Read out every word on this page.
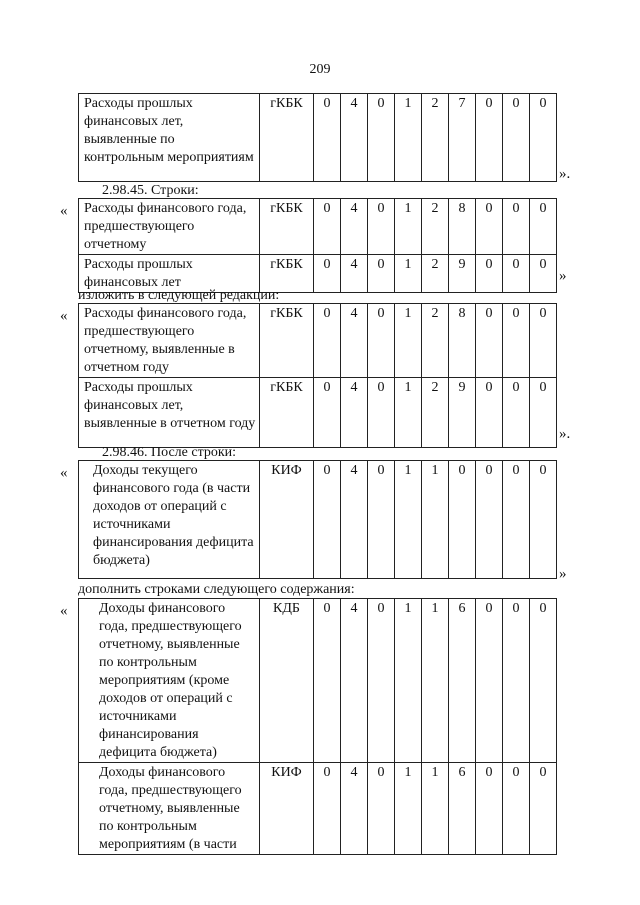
209
Расходы прошлых финансовых лет, выявленные по контрольным мероприятиям	гКБК	0	4	0	1	2	7	0	0	0
».
2.98.45. Строки:
« Расходы финансового года, предшествующего отчетному	гКБК	0	4	0	1	2	8	0	0	0
Расходы прошлых финансовых лет	гКБК	0	4	0	1	2	9	0	0	0
»
изложить в следующей редакции:
« Расходы финансового года, предшествующего отчетному, выявленные в отчетном году	гКБК	0	4	0	1	2	8	0	0	0
Расходы прошлых финансовых лет, выявленные в отчетном году	гКБК	0	4	0	1	2	9	0	0	0
».
2.98.46. После строки:
« Доходы текущего финансового года (в части доходов от операций с источниками финансирования дефицита бюджета)	КИФ	0	4	0	1	1	0	0	0	0
»
дополнить строками следующего содержания:
« Доходы финансового года, предшествующего отчетному, выявленные по контрольным мероприятиям (кроме доходов от операций с источниками финансирования дефицита бюджета)	КДБ	0	4	0	1	1	6	0	0	0
Доходы финансового года, предшествующего отчетному, выявленные по контрольным мероприятиям (в части	КИФ	0	4	0	1	1	6	0	0	0
